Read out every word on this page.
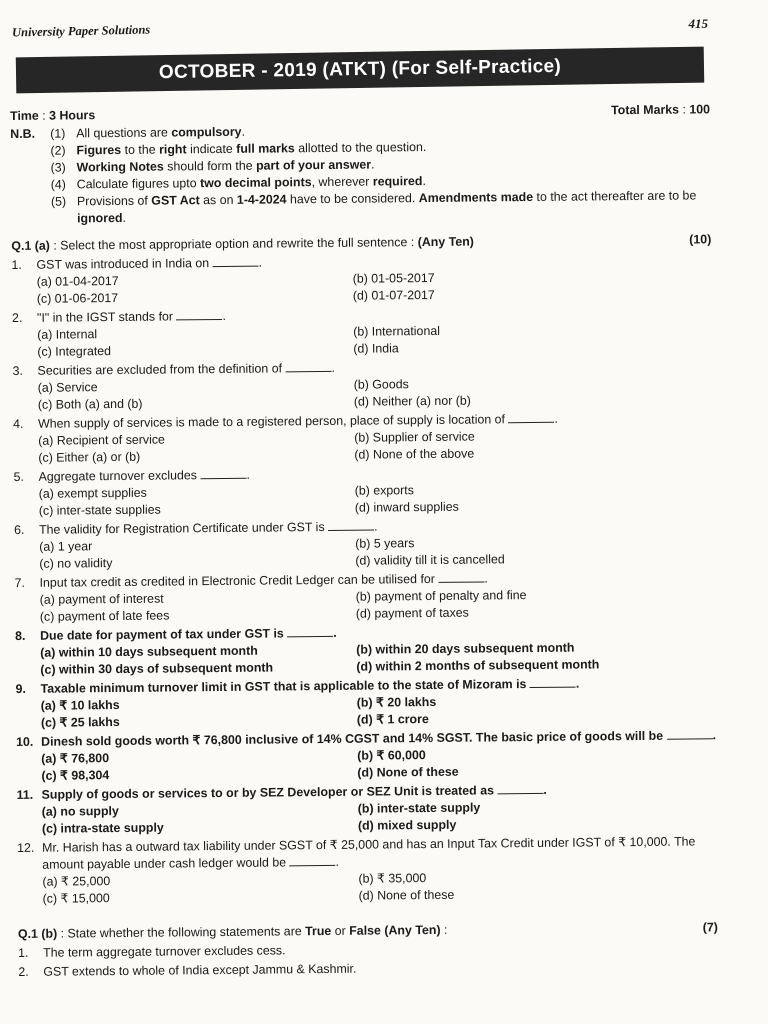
University Paper Solutions	415
OCTOBER - 2019 (ATKT) (For Self-Practice)
Time : 3 Hours	Total Marks : 100
N.B.	(1) All questions are compulsory.
(2) Figures to the right indicate full marks allotted to the question.
(3) Working Notes should form the part of your answer.
(4) Calculate figures upto two decimal points, wherever required.
(5) Provisions of GST Act as on 1-4-2024 have to be considered. Amendments made to the act thereafter are to be ignored.
Q.1 (a) : Select the most appropriate option and rewrite the full sentence : (Any Ten)	(10)
1.	GST was introduced in India on	.
(a) 01-04-2017	(b) 01-05-2017
(c) 01-06-2017	(d) 01-07-2017
2.	"I" in the IGST stands for	.
(a) Internal	(b) International
(c) Integrated	(d) India
3.	Securities are excluded from the definition of	.
(a) Service	(b) Goods
(c) Both (a) and (b)	(d) Neither (a) nor (b)
4.	When supply of services is made to a registered person, place of supply is location of	.
(a) Recipient of service	(b) Supplier of service
(c) Either (a) or (b)	(d) None of the above
5.	Aggregate turnover excludes	.
(a) exempt supplies	(b) exports
(c) inter-state supplies	(d) inward supplies
6.	The validity for Registration Certificate under GST is	.
(a) 1 year	(b) 5 years
(c) no validity	(d) validity till it is cancelled
7.	Input tax credit as credited in Electronic Credit Ledger can be utilised for	.
(a) payment of interest	(b) payment of penalty and fine
(c) payment of late fees	(d) payment of taxes
8.	Due date for payment of tax under GST is	.
(a) within 10 days subsequent month	(b) within 20 days subsequent month
(c) within 30 days of subsequent month	(d) within 2 months of subsequent month
9.	Taxable minimum turnover limit in GST that is applicable to the state of Mizoram is	.
(a) ₹ 10 lakhs	(b) ₹ 20 lakhs
(c) ₹ 25 lakhs	(d) ₹ 1 crore
10. Dinesh sold goods worth ₹ 76,800 inclusive of 14% CGST and 14% SGST. The basic price of goods will be	.
(a) ₹ 76,800	(b) ₹ 60,000
(c) ₹ 98,304	(d) None of these
11. Supply of goods or services to or by SEZ Developer or SEZ Unit is treated as	.
(a) no supply	(b) inter-state supply
(c) intra-state supply	(d) mixed supply
12. Mr. Harish has a outward tax liability under SGST of ₹ 25,000 and has an Input Tax Credit under IGST of ₹ 10,000. The amount payable under cash ledger would be	.
(a) ₹ 25,000	(b) ₹ 35,000
(c) ₹ 15,000	(d) None of these
Q.1 (b) : State whether the following statements are True or False (Any Ten) :	(7)
1.	The term aggregate turnover excludes cess.
2.	GST extends to whole of India except Jammu & Kashmir.
